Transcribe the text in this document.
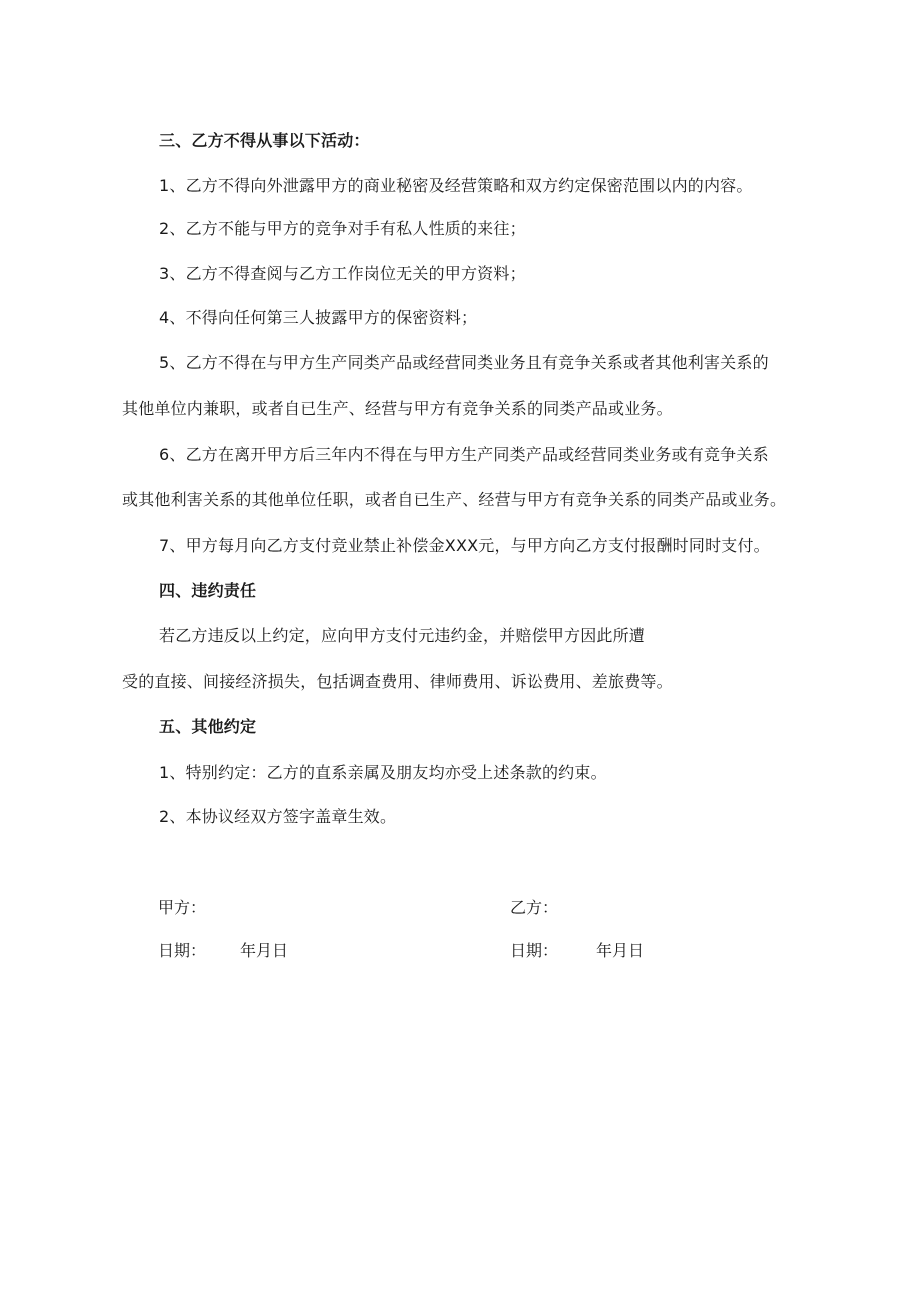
三、乙方不得从事以下活动：
1、乙方不得向外泄露甲方的商业秘密及经营策略和双方约定保密范围以内的内容。
2、乙方不能与甲方的竞争对手有私人性质的来往；
3、乙方不得查阅与乙方工作岗位无关的甲方资料；
4、不得向任何第三人披露甲方的保密资料；
5、乙方不得在与甲方生产同类产品或经营同类业务且有竞争关系或者其他利害关系的
其他单位内兼职，或者自已生产、经营与甲方有竞争关系的同类产品或业务。
6、乙方在离开甲方后三年内不得在与甲方生产同类产品或经营同类业务或有竞争关系
或其他利害关系的其他单位任职，或者自已生产、经营与甲方有竞争关系的同类产品或业务。
7、甲方每月向乙方支付竞业禁止补偿金XXX元，与甲方向乙方支付报酬时同时支付。
四、违约责任
若乙方违反以上约定，应向甲方支付元违约金，并赔偿甲方因此所遭
受的直接、间接经济损失，包括调查费用、律师费用、诉讼费用、差旅费等。
五、其他约定
1、特别约定：乙方的直系亲属及朋友均亦受上述条款的约束。
2、本协议经双方签字盖章生效。
甲方：	乙方：
日期： 年月日	日期： 年月日
